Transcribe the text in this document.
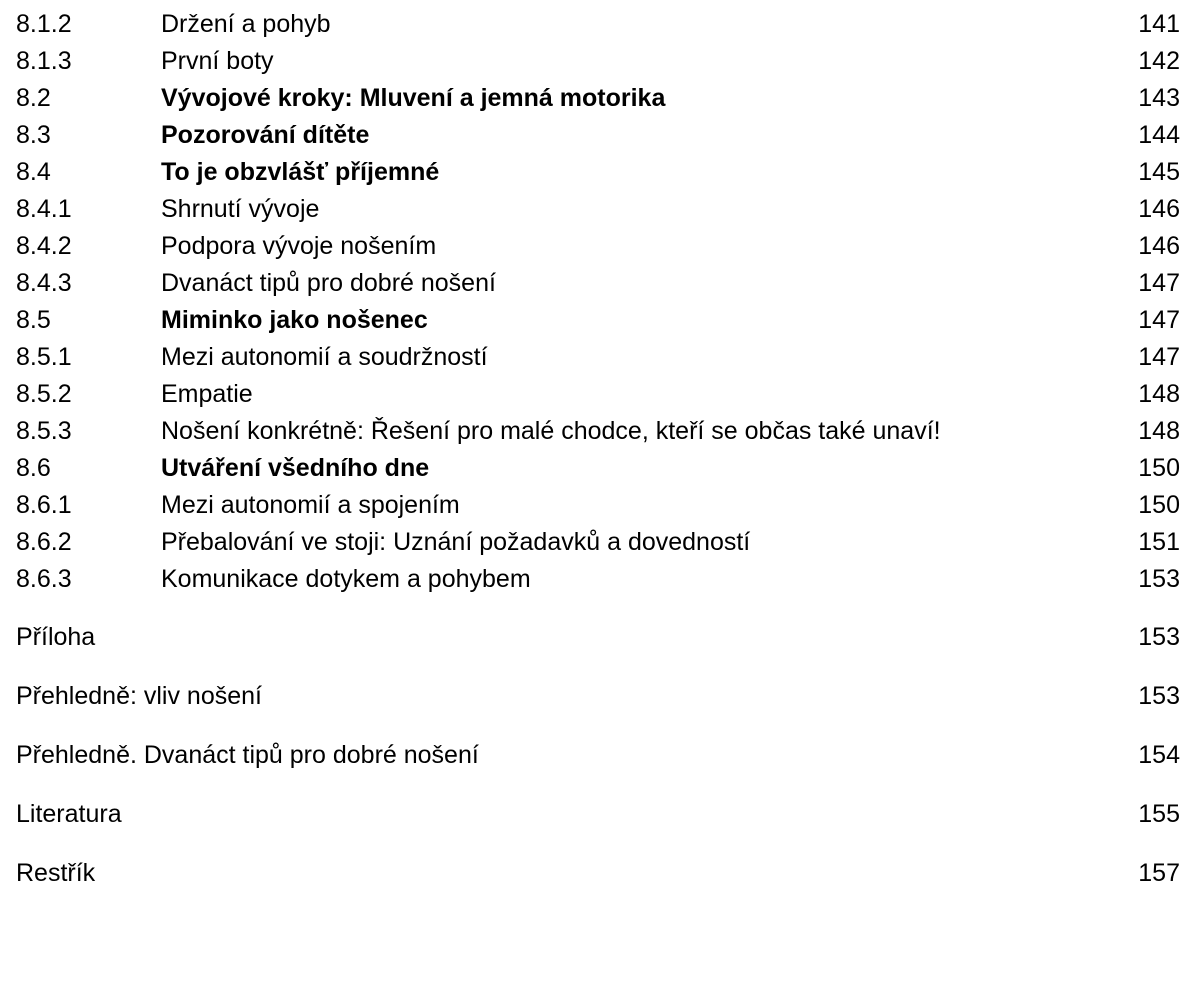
8.1.2	Držení a pohyb	141
8.1.3	První boty	142
8.2	Vývojové kroky: Mluvení a jemná motorika	143
8.3	Pozorování dítěte	144
8.4	To je obzvlášť příjemné	145
8.4.1	Shrnutí vývoje	146
8.4.2	Podpora vývoje nošením	146
8.4.3	Dvanáct tipů pro dobré nošení	147
8.5	Miminko jako nošenec	147
8.5.1	Mezi autonomií a soudržností	147
8.5.2	Empatie	148
8.5.3	Nošení konkrétně: Řešení pro malé chodce, kteří se občas také unaví!	148
8.6	Utváření všedního dne	150
8.6.1	Mezi autonomií a spojením	150
8.6.2	Přebalování ve stoji: Uznání požadavků a dovedností	151
8.6.3	Komunikace dotykem a pohybem	153
Příloha	153
Přehledně: vliv nošení	153
Přehledně. Dvanáct tipů pro dobré nošení	154
Literatura	155
Restřík	157
